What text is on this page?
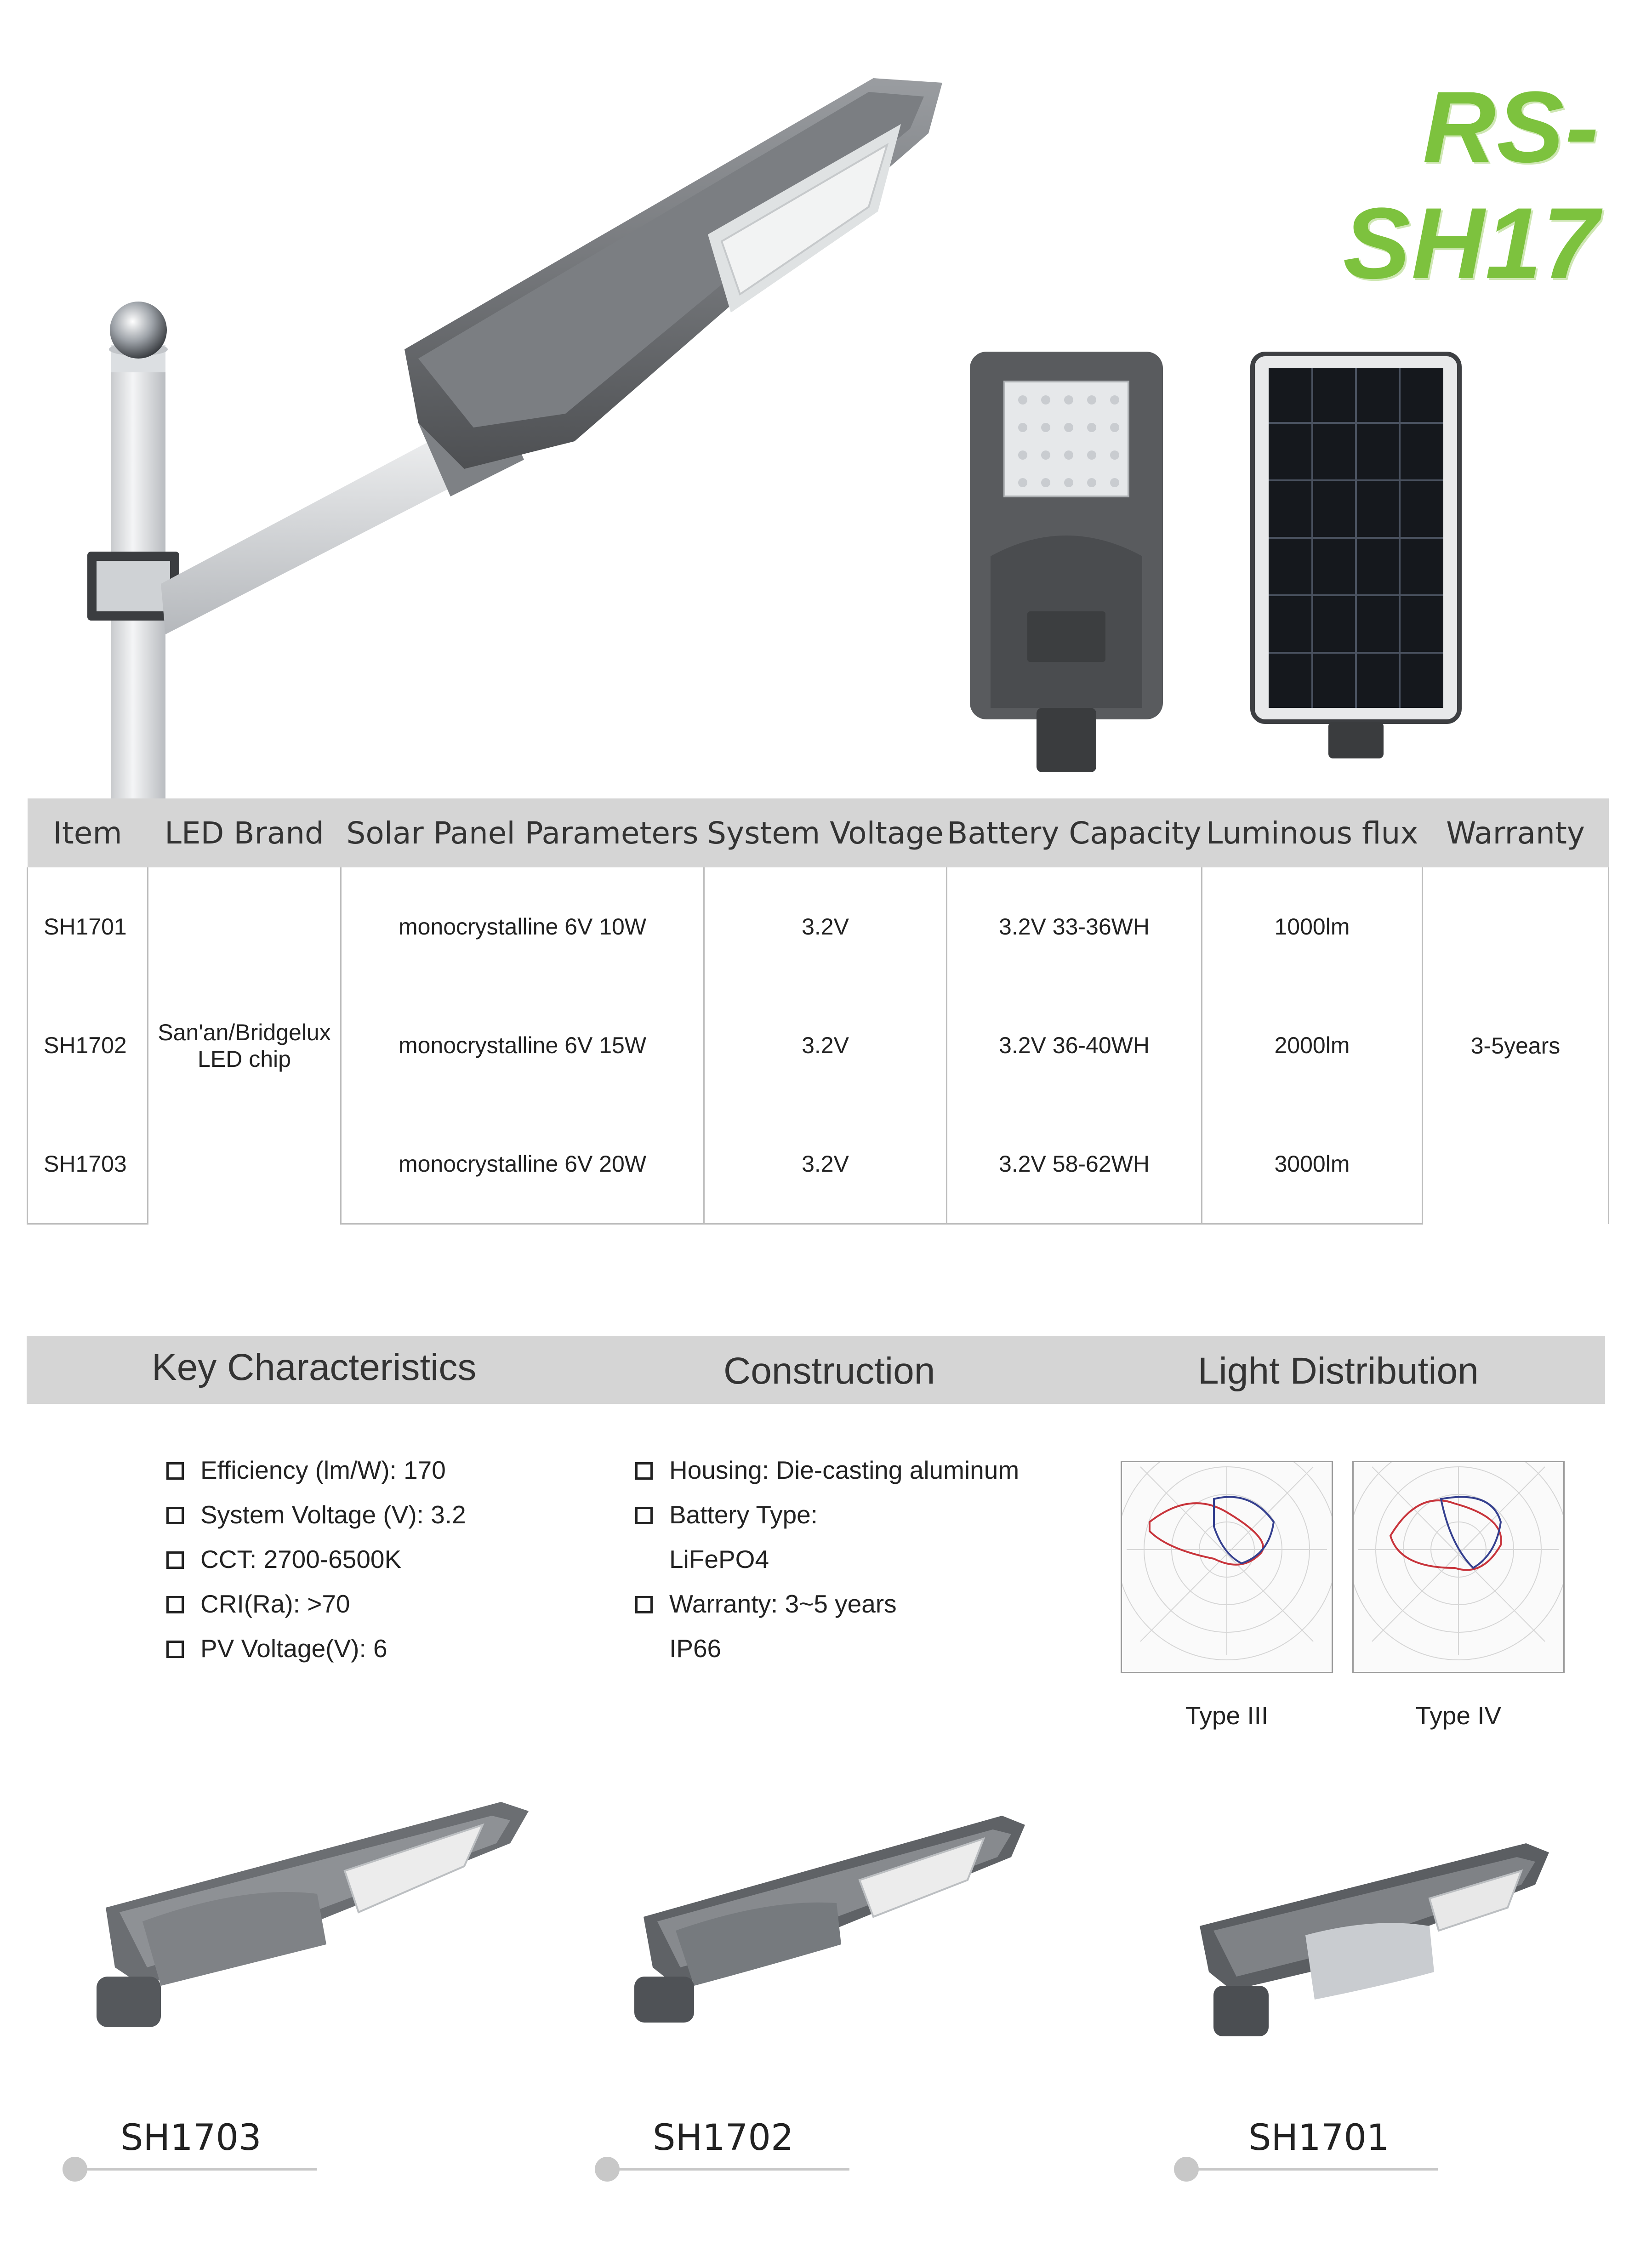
RS-SH17
Item	LED Brand	Solar Panel Parameters	System Voltage	Battery Capacity	Luminous flux	Warranty
SH1701	San'an/Bridgelux LED chip	monocrystalline 6V 10W	3.2V	3.2V 33-36WH	1000lm	3-5years
SH1702		monocrystalline 6V 15W	3.2V	3.2V 36-40WH	2000lm	
SH1703		monocrystalline 6V 20W	3.2V	3.2V 58-62WH	3000lm	
Key Characteristics	Construction	Light Distribution
Efficiency (lm/W): 170
System Voltage (V): 3.2
CCT: 2700-6500K
CRI(Ra): >70
PV Voltage(V): 6
Housing: Die-casting aluminum
Battery Type:
LiFePO4
Warranty: 3~5 years
IP66
Type III	Type IV
SH1703	SH1702	SH1701
